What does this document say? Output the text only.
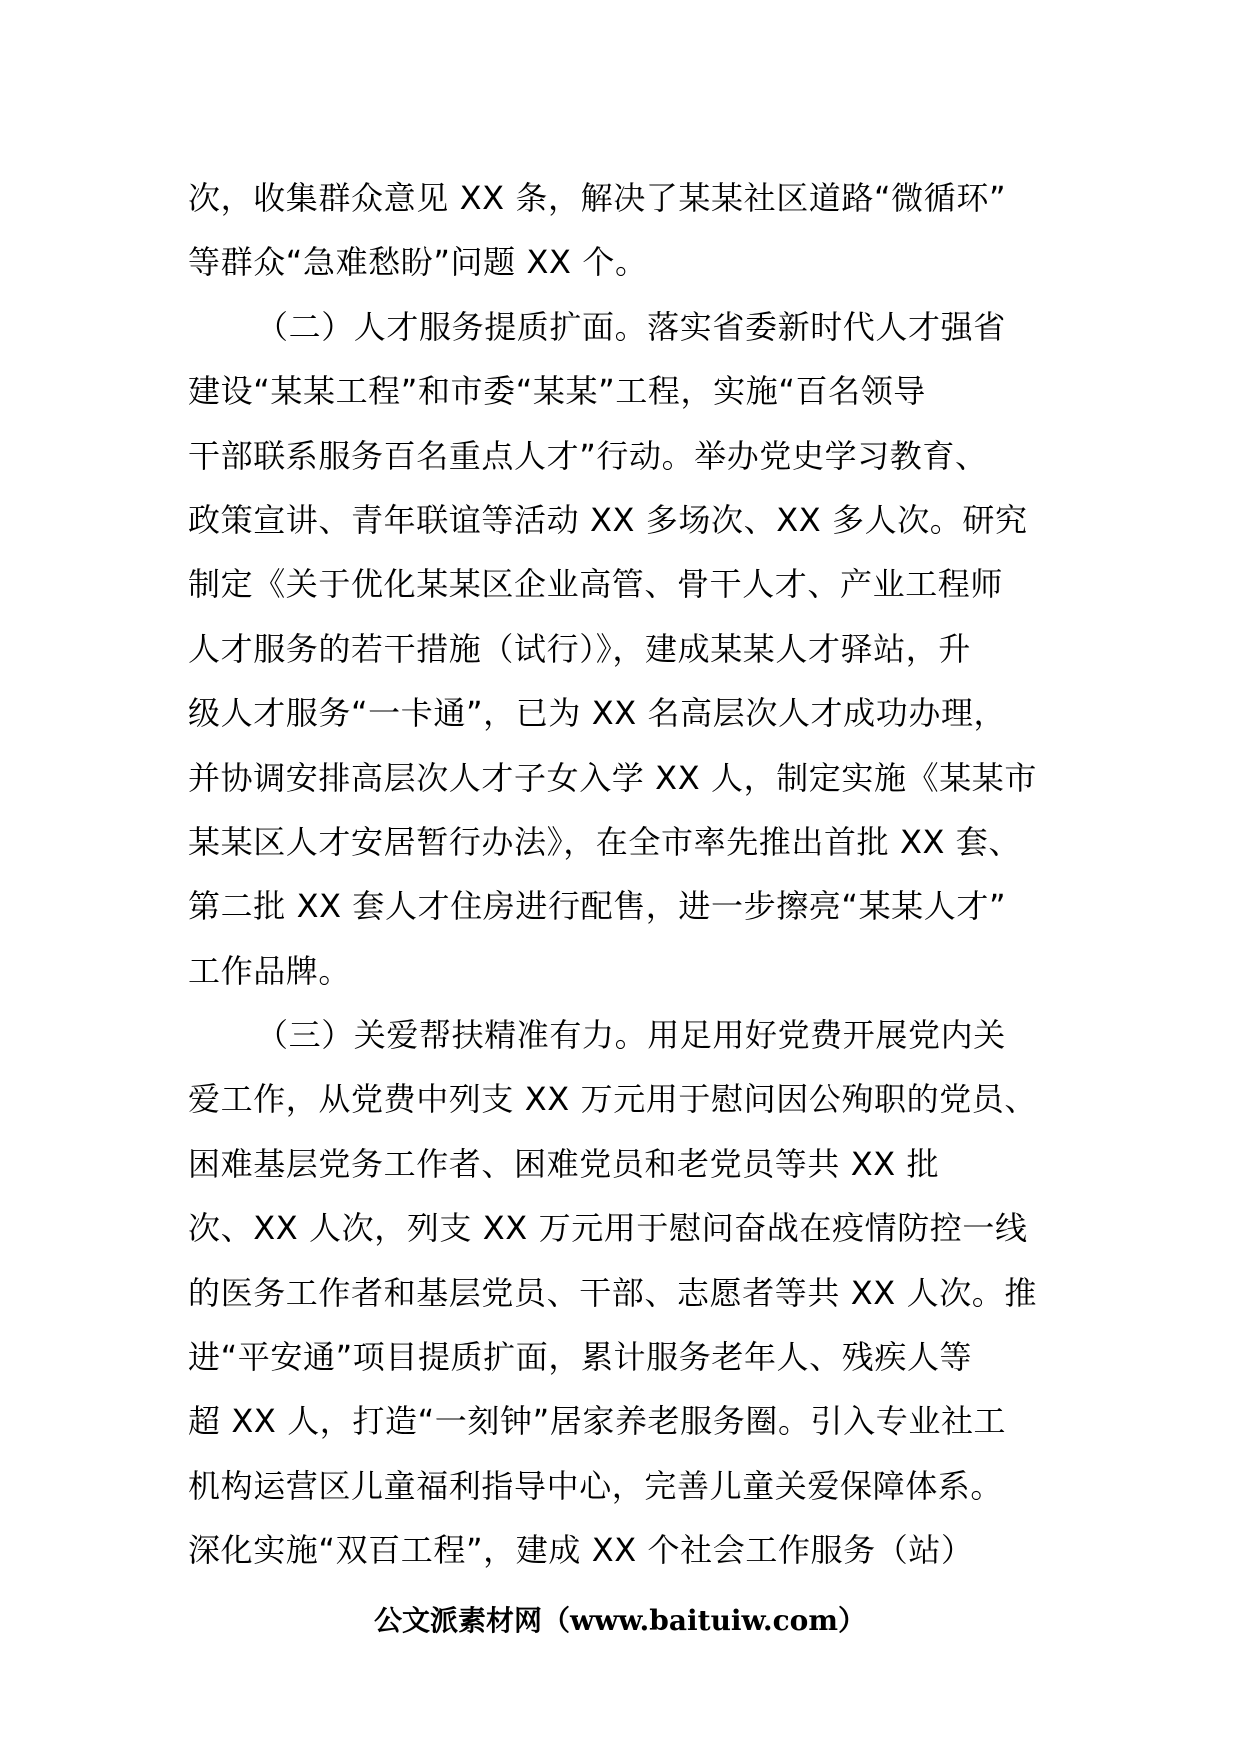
次，收集群众意见 XX 条，解决了某某社区道路“微循环”
等群众“急难愁盼”问题 XX 个。
（二）人才服务提质扩面。落实省委新时代人才强省
建设“某某工程”和市委“某某”工程，实施“百名领导
干部联系服务百名重点人才”行动。举办党史学习教育、
政策宣讲、青年联谊等活动 XX 多场次、XX 多人次。研究
制定《关于优化某某区企业高管、骨干人才、产业工程师
人才服务的若干措施（试行）》，建成某某人才驿站，升
级人才服务“一卡通”，已为 XX 名高层次人才成功办理，
并协调安排高层次人才子女入学 XX 人，制定实施《某某市
某某区人才安居暂行办法》，在全市率先推出首批 XX 套、
第二批 XX 套人才住房进行配售，进一步擦亮“某某人才”
工作品牌。
（三）关爱帮扶精准有力。用足用好党费开展党内关
爱工作，从党费中列支 XX 万元用于慰问因公殉职的党员、
困难基层党务工作者、困难党员和老党员等共 XX 批
次、XX 人次，列支 XX 万元用于慰问奋战在疫情防控一线
的医务工作者和基层党员、干部、志愿者等共 XX 人次。推
进“平安通”项目提质扩面，累计服务老年人、残疾人等
超 XX 人，打造“一刻钟”居家养老服务圈。引入专业社工
机构运营区儿童福利指导中心，完善儿童关爱保障体系。
深化实施“双百工程”，建成 XX 个社会工作服务（站）
公文派素材网（www.baituiw.com）
